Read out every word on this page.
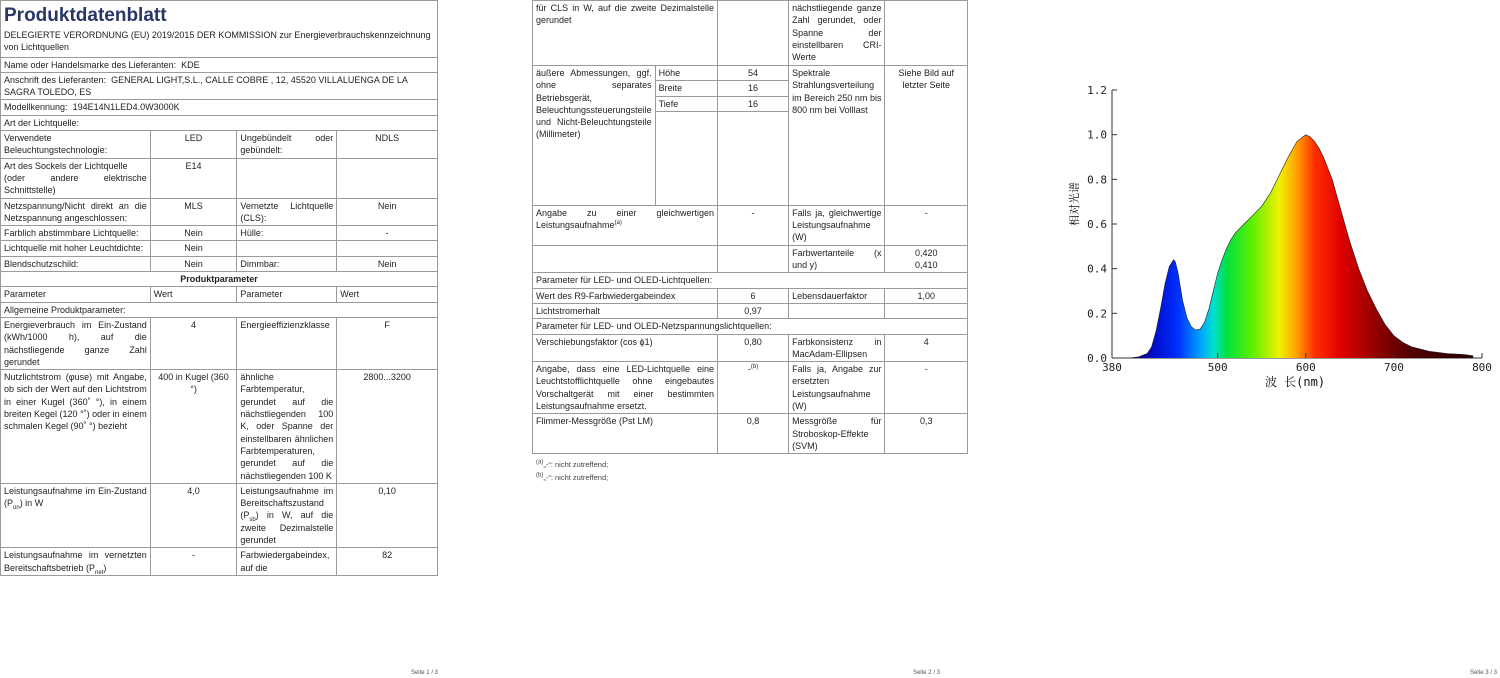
Produktdatenblatt
DELEGIERTE VERORDNUNG (EU) 2019/2015 DER KOMMISSION zur Energieverbrauchskennzeichnung von Lichtquellen			

Name oder Handelsmarke des Lieferanten: KDE			
Anschrift des Lieferanten: GENERAL LIGHT,S.L., CALLE COBRE , 12, 45520 VILLALUENGA DE LA SAGRA TOLEDO, ES			
Modellkennung: 194E14N1LED4.0W3000K			
Art der Lichtquelle:			
Verwendete Beleuchtungstechnologie:	LED	Ungebündelt oder gebündelt:	NDLS

Art des Sockels der Lichtquelle
(oder andere elektrische Schnittstelle)	E14		
Netzspannung/Nicht direkt an die Netzspannung angeschlossen:	MLS	Vernetzte Lichtquelle (CLS):	Nein
Farblich abstimmbare Lichtquelle:	Nein	Hülle:	-
Lichtquelle mit hoher Leuchtdichte:	Nein		
Blendschutzschild:	Nein	Dimmbar:	Nein
Produktparameter			
Parameter	Wert	Parameter	Wert
Allgemeine Produktparameter:			
Energieverbrauch im Ein-Zustand (kWh/1000 h), auf die nächstliegende ganze Zahl gerundet	4	Energieeffizienzklasse	F
Nutzlichtstrom (φuse) mit Angabe, ob sich der Wert auf den Lichtstrom in einer Kugel (360˚ °), in einem breiten Kegel (120 °˚) oder in einem schmalen Kegel (90˚ °) bezieht	400 in Kugel (360 °)	ähnliche Farbtemperatur, gerundet auf die nächstliegenden 100 K, oder Spanne der einstellbaren ähnlichen Farbtemperaturen, gerundet auf die nächstliegenden 100 K	2800...3200
Leistungsaufnahme im Ein-Zustand $(P_{on})$ in W	4,0	Leistungsaufnahme im Bereitschaftszustand $(P_{sb})$ in W, auf die zweite Dezimalstelle gerundet	0,10
Leistungsaufnahme im vernetzten Bereitschaftsbetrieb $(P_{net})$	-	Farbwiedergabeindex, auf die	82
Seite 1 / 3
für CLS in W, auf die zweite Dezimalstelle gerundet			nächstliegende ganze Zahl gerundet, oder Spanne der einstellbaren CRI-Werte	
äußere Abmessungen, ggf. ohne separates Betriebsgerät, Beleuchtungssteuerungsteile und Nicht-Beleuchtungsteile (Millimeter)	Höhe	54	Spektrale Strahlungsverteilung im Bereich 250 nm bis 800 nm bei Volllast	Siehe Bild auf letzter Seite
	Breite	16		
	Tiefe	16		

Angabe zu einer gleichwertigen Leistungsaufnahme$^{(a)}$		-	Falls ja, gleichwertige Leistungsaufnahme (W)	-
			Farbwertanteile (x und y)	0,420
0,410

Parameter für LED- und OLED-Lichtquellen:				
Wert des R9-Farbwiedergabeindex		6	Lebensdauerfaktor	1,00
Lichtstromerhalt		0,97		
Parameter für LED- und OLED-Netzspannungslichtquellen:				
Verschiebungsfaktor (cos ϕ1)		0,80	Farbkonsistenz in MacAdam-Ellipsen	4
Angabe, dass eine LED-Lichtquelle eine Leuchtstofflichtquelle ohne eingebautes Vorschaltgerät mit einer bestimmten Leistungsaufnahme ersetzt.		-$^{(b)}$	Falls ja, Angabe zur ersetzten Leistungsaufnahme (W)	-
Flimmer-Messgröße (Pst LM)		0,8	Messgröße für Stroboskop-Effekte (SVM)	0,3
$^{(a)}$„-“: nicht zutreffend;
$^{(b)}$„-“: nicht zutreffend;
Seite 2 / 3
0.0
0.2
0.4
0.6
0.8
1.0
1.2
380	500	600	700	800
波 长(nm)
相对光谱
Seite 3 / 3
